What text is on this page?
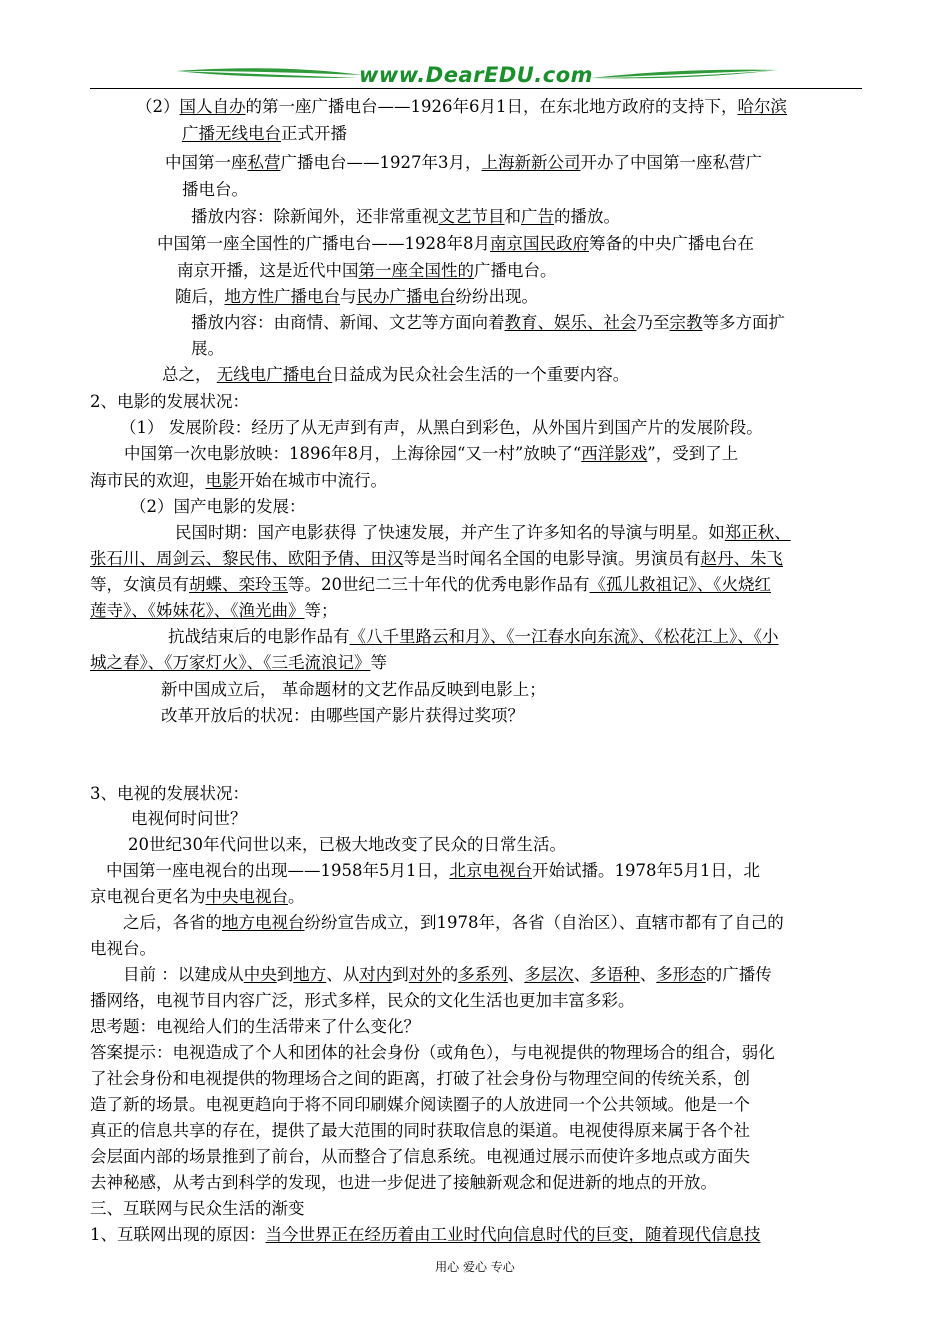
www.DearEDU.com
（2）国人自办的第一座广播电台——1926年6月1日，在东北地方政府的支持下，哈尔滨
广播无线电台正式开播
中国第一座私营广播电台——1927年3月，上海新新公司开办了中国第一座私营广
播电台。
播放内容：除新闻外，还非常重视文艺节目和广告的播放。
中国第一座全国性的广播电台——1928年8月南京国民政府筹备的中央广播电台在
南京开播，这是近代中国第一座全国性的广播电台。
随后，地方性广播电台与民办广播电台纷纷出现。
播放内容：由商情、新闻、文艺等方面向着教育、娱乐、社会乃至宗教等多方面扩
展。
总之， 无线电广播电台日益成为民众社会生活的一个重要内容。
2、电影的发展状况：
（1） 发展阶段：经历了从无声到有声，从黑白到彩色，从外国片到国产片的发展阶段。
中国第一次电影放映：1896年8月，上海徐园“又一村”放映了“西洋影戏”，受到了上
海市民的欢迎，电影开始在城市中流行。
（2）国产电影的发展：
民国时期：国产电影获得 了快速发展，并产生了许多知名的导演与明星。如郑正秋、
张石川、周剑云、黎民伟、欧阳予倩、田汉等是当时闻名全国的电影导演。男演员有赵丹、朱飞
等，女演员有胡蝶、栾玲玉等。20世纪二三十年代的优秀电影作品有《孤儿救祖记》、《火烧红
莲寺》、《姊妹花》、《渔光曲》等；
抗战结束后的电影作品有《八千里路云和月》、《一江春水向东流》、《松花江上》、《小
城之春》、《万家灯火》、《三毛流浪记》等
新中国成立后， 革命题材的文艺作品反映到电影上；
改革开放后的状况：由哪些国产影片获得过奖项？
3、电视的发展状况：
电视何时问世？
20世纪30年代问世以来，已极大地改变了民众的日常生活。
中国第一座电视台的出现——1958年5月1日，北京电视台开始试播。1978年5月1日，北
京电视台更名为中央电视台。
之后，各省的地方电视台纷纷宣告成立，到1978年，各省（自治区）、直辖市都有了自己的
电视台。
目前 ：以建成从中央到地方、从对内到对外的多系列、多层次、多语种、多形态的广播传
播网络，电视节目内容广泛，形式多样，民众的文化生活也更加丰富多彩。
思考题：电视给人们的生活带来了什么变化？
答案提示：电视造成了个人和团体的社会身份（或角色），与电视提供的物理场合的组合，弱化
了社会身份和电视提供的物理场合之间的距离，打破了社会身份与物理空间的传统关系，创
造了新的场景。电视更趋向于将不同印刷媒介阅读圈子的人放进同一个公共领域。他是一个
真正的信息共享的存在，提供了最大范围的同时获取信息的渠道。电视使得原来属于各个社
会层面内部的场景推到了前台，从而整合了信息系统。电视通过展示而使许多地点或方面失
去神秘感，从考古到科学的发现，也进一步促进了接触新观念和促进新的地点的开放。
三、互联网与民众生活的渐变
1、互联网出现的原因：当今世界正在经历着由工业时代向信息时代的巨变，随着现代信息技
用心 爱心 专心
